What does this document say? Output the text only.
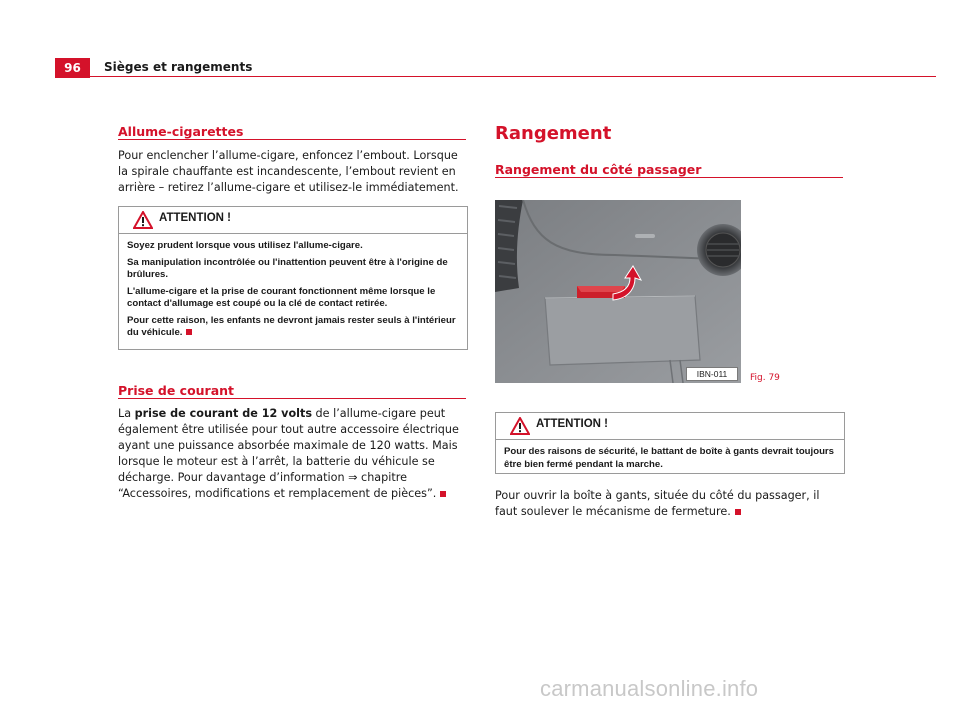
96	Sièges et rangements
Allume-cigarettes
Pour enclencher l’allume-cigare, enfoncez l’embout. Lorsque la spirale chauffante est incandescente, l’embout revient en arrière – retirez l’allume-cigare et utilisez-le immédiatement.
ATTENTION !

Soyez prudent lorsque vous utilisez l'allume-cigare.

Sa manipulation incontrôlée ou l'inattention peuvent être à l'origine de brûlures.

L'allume-cigare et la prise de courant fonctionnent même lorsque le contact d'allumage est coupé ou la clé de contact retirée.

Pour cette raison, les enfants ne devront jamais rester seuls à l'intérieur du véhicule.

Prise de courant
La prise de courant de 12 volts de l’allume-cigare peut également être utilisée pour tout autre accessoire électrique ayant une puissance absorbée maximale de 120 watts. Mais lorsque le moteur est à l’arrêt, la batterie du véhicule se décharge. Pour davantage d’information ⇒ chapitre “Accessoires, modifications et remplacement de pièces”.
Rangement
Rangement du côté passager
IBN-011	Fig. 79
ATTENTION !

Pour des raisons de sécurité, le battant de boîte à gants devrait toujours être bien fermé pendant la marche.

Pour ouvrir la boîte à gants, située du côté du passager, il faut soulever le mécanisme de fermeture.
carmanualsonline.info
